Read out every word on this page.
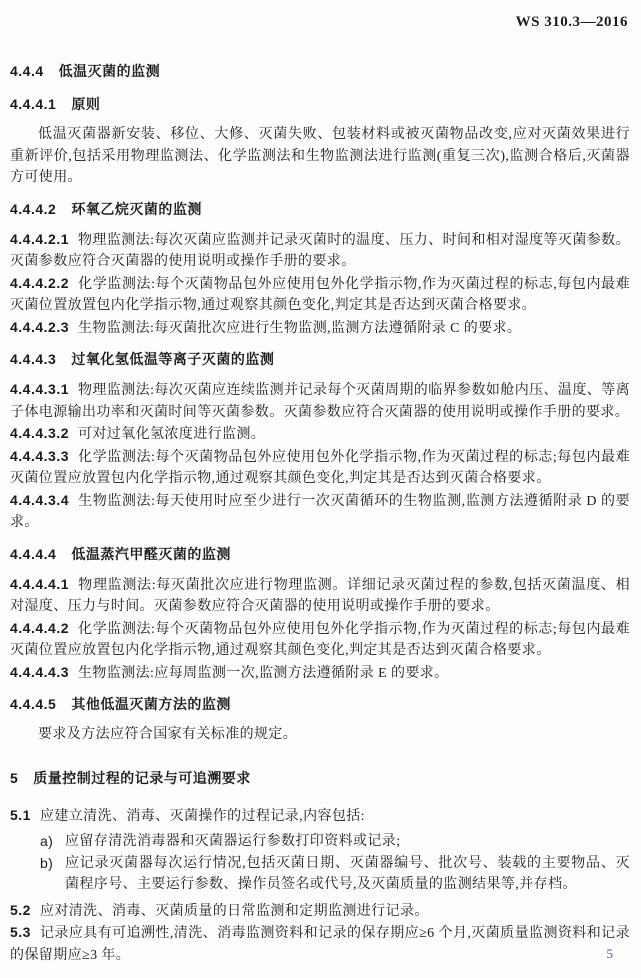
WS 310.3—2016
4.4.4 低温灭菌的监测
4.4.4.1 原则

低温灭菌器新安装、移位、大修、灭菌失败、包装材料或被灭菌物品改变,应对灭菌效果进行重新评价,包括采用物理监测法、化学监测法和生物监测法进行监测(重复三次),监测合格后,灭菌器方可使用。

4.4.4.2 环氧乙烷灭菌的监测

4.4.4.2.1 物理监测法:每次灭菌应监测并记录灭菌时的温度、压力、时间和相对湿度等灭菌参数。灭菌参数应符合灭菌器的使用说明或操作手册的要求。

4.4.4.2.2 化学监测法:每个灭菌物品包外应使用包外化学指示物,作为灭菌过程的标志,每包内最难灭菌位置放置包内化学指示物,通过观察其颜色变化,判定其是否达到灭菌合格要求。

4.4.4.2.3 生物监测法:每灭菌批次应进行生物监测,监测方法遵循附录 C 的要求。

4.4.4.3 过氧化氢低温等离子灭菌的监测

4.4.4.3.1 物理监测法:每次灭菌应连续监测并记录每个灭菌周期的临界参数如舱内压、温度、等离子体电源输出功率和灭菌时间等灭菌参数。灭菌参数应符合灭菌器的使用说明或操作手册的要求。

4.4.4.3.2 可对过氧化氢浓度进行监测。

4.4.4.3.3 化学监测法:每个灭菌物品包外应使用包外化学指示物,作为灭菌过程的标志;每包内最难灭菌位置应放置包内化学指示物,通过观察其颜色变化,判定其是否达到灭菌合格要求。

4.4.4.3.4 生物监测法:每天使用时应至少进行一次灭菌循环的生物监测,监测方法遵循附录 D 的要求。

4.4.4.4 低温蒸汽甲醛灭菌的监测

4.4.4.4.1 物理监测法:每灭菌批次应进行物理监测。详细记录灭菌过程的参数,包括灭菌温度、相对湿度、压力与时间。灭菌参数应符合灭菌器的使用说明或操作手册的要求。

4.4.4.4.2 化学监测法:每个灭菌物品包外应使用包外化学指示物,作为灭菌过程的标志;每包内最难灭菌位置应放置包内化学指示物,通过观察其颜色变化,判定其是否达到灭菌合格要求。

4.4.4.4.3 生物监测法:应每周监测一次,监测方法遵循附录 E 的要求。

4.4.4.5 其他低温灭菌方法的监测

要求及方法应符合国家有关标准的规定。

5 质量控制过程的记录与可追溯要求

5.1 应建立清洗、消毒、灭菌操作的过程记录,内容包括:

a) 应留存清洗消毒器和灭菌器运行参数打印资料或记录;
b) 应记录灭菌器每次运行情况,包括灭菌日期、灭菌器编号、批次号、装载的主要物品、灭菌程序号、主要运行参数、操作员签名或代号,及灭菌质量的监测结果等,并存档。

5.2 应对清洗、消毒、灭菌质量的日常监测和定期监测进行记录。

5.3 记录应具有可追溯性,清洗、消毒监测资料和记录的保存期应≥6 个月,灭菌质量监测资料和记录的保留期应≥3 年。	5
